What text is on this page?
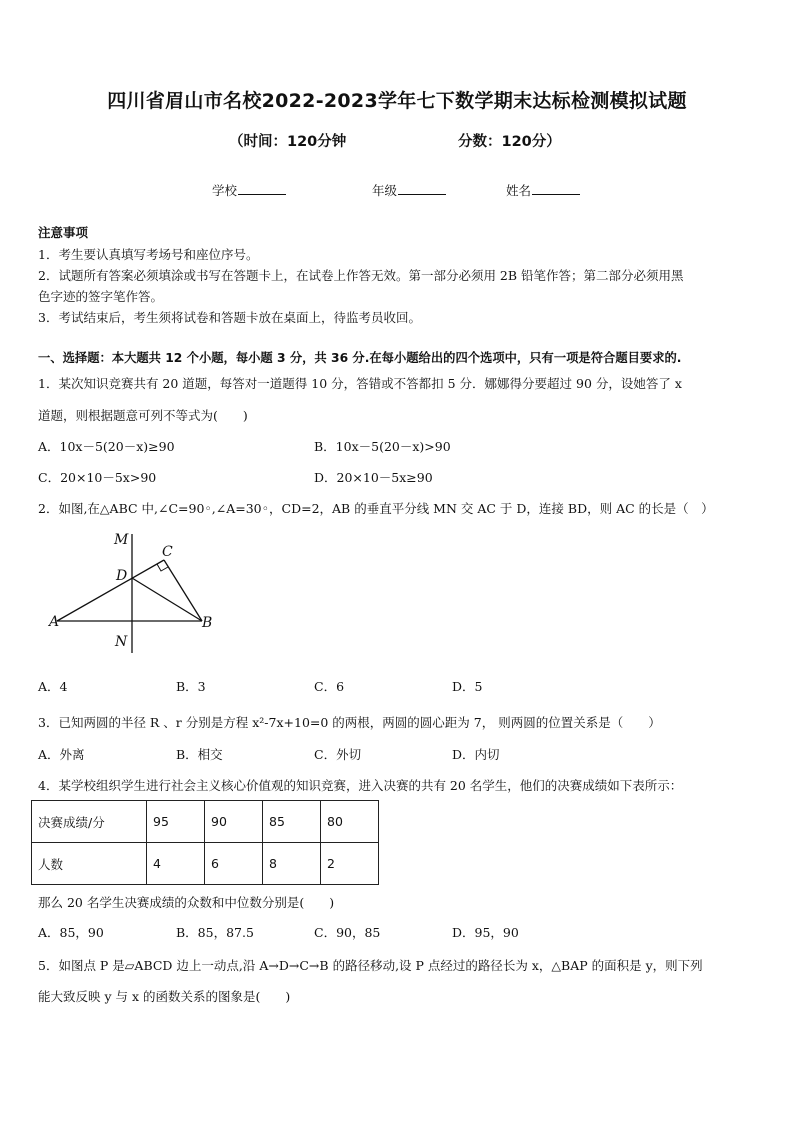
四川省眉山市名校2022-2023学年七下数学期末达标检测模拟试题
（时间：120分钟	分数：120分）
学校	年级	姓名
注意事项
1．考生要认真填写考场号和座位序号。
2．试题所有答案必须填涂或书写在答题卡上，在试卷上作答无效。第一部分必须用 2B 铅笔作答；第二部分必须用黑
色字迹的签字笔作答。
3．考试结束后，考生须将试卷和答题卡放在桌面上，待监考员收回。
一、选择题：本大题共 12 个小题，每小题 3 分，共 36 分.在每小题给出的四个选项中，只有一项是符合题目要求的.
1．某次知识竞赛共有 20 道题，每答对一道题得 10 分，答错或不答都扣 5 分．娜娜得分要超过 90 分，设她答了 x
道题，则根据题意可列不等式为(　　)
A．10x－5(20－x)≥90	B．10x－5(20－x)>90
C．20×10－5x>90	D．20×10－5x≥90
2．如图,在△ABC 中,∠C=90◦,∠A=30◦，CD=2，AB 的垂直平分线 MN 交 AC 于 D，连接 BD，则 AC 的长是（　）
M
C
D
A	B
N
A．4	B．3	C．6	D．5
3．已知两圆的半径 R 、r 分别是方程 x²-7x+10=0 的两根，两圆的圆心距为 7， 则两圆的位置关系是（　　）
A．外离	B．相交	C．外切	D．内切
4．某学校组织学生进行社会主义核心价值观的知识竞赛，进入决赛的共有 20 名学生，他们的决赛成绩如下表所示：
决赛成绩/分	95	90	85	80
人数	4	6	8	2
那么 20 名学生决赛成绩的众数和中位数分别是(　　)
A．85，90	B．85，87.5	C．90，85	D．95，90
5．如图点 P 是▱ABCD 边上一动点,沿 A→D→C→B 的路径移动,设 P 点经过的路径长为 x，△BAP 的面积是 y，则下列
能大致反映 y 与 x 的函数关系的图象是(　　)
